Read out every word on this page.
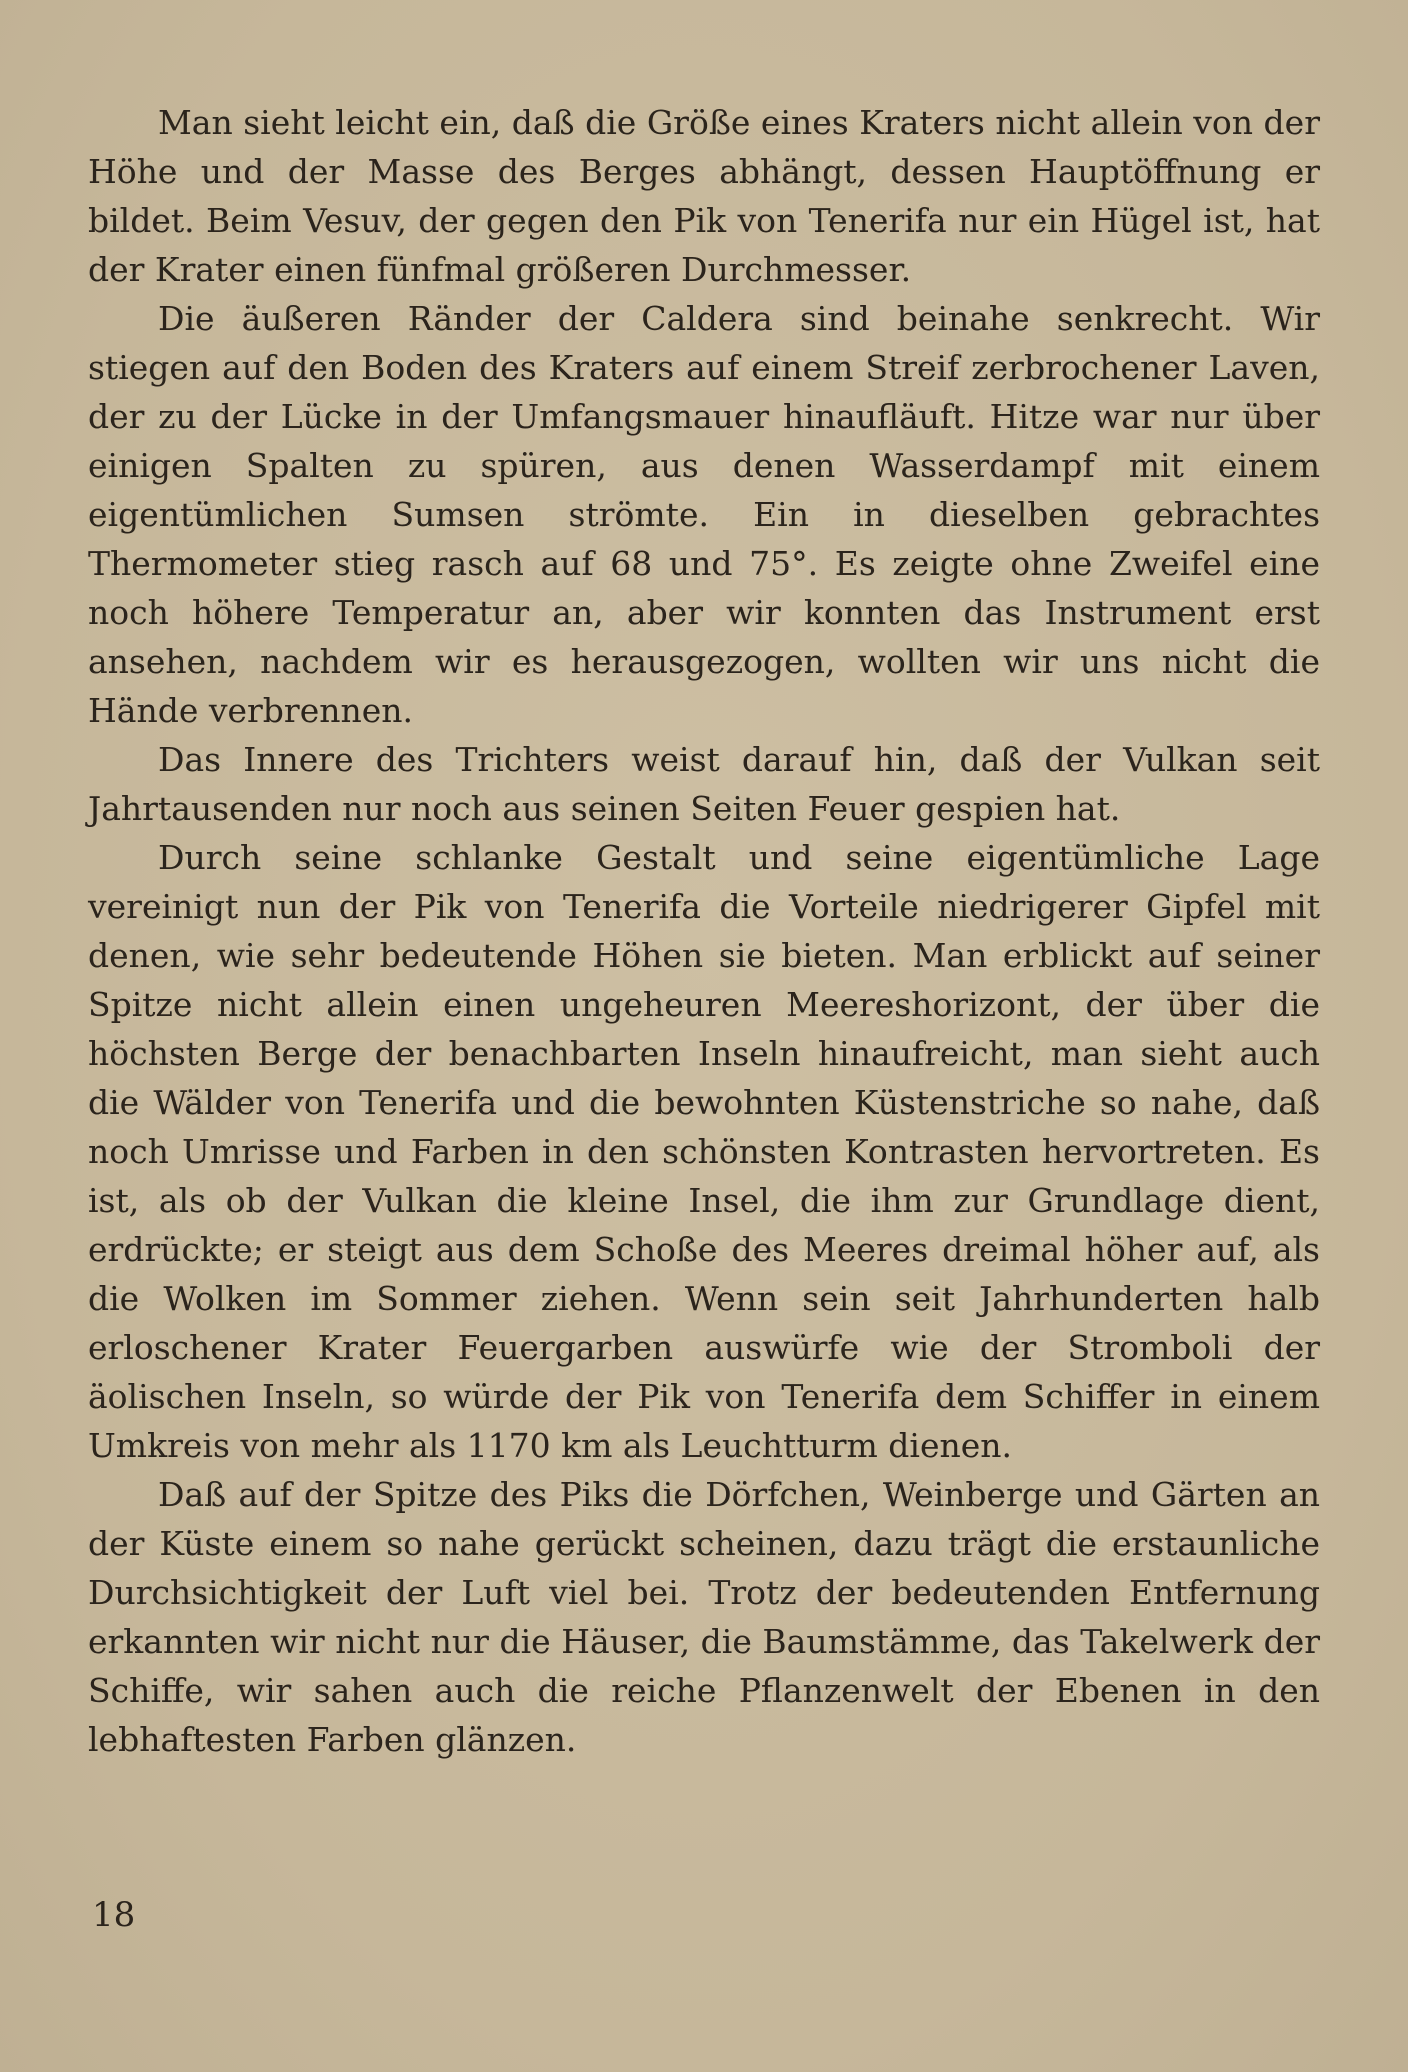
Man sieht leicht ein, daß die Größe eines Kraters nicht allein von der Höhe und der Masse des Berges abhängt, dessen Hauptöffnung er bildet. Beim Vesuv, der gegen den Pik von Tenerifa nur ein Hügel ist, hat der Krater einen fünfmal größeren Durchmesser.

Die äußeren Ränder der Caldera sind beinahe senkrecht. Wir stiegen auf den Boden des Kraters auf einem Streif zerbrochener Laven, der zu der Lücke in der Umfangsmauer hinaufläuft. Hitze war nur über einigen Spalten zu spüren, aus denen Wasserdampf mit einem eigentümlichen Sumsen strömte. Ein in dieselben gebrachtes Thermometer stieg rasch auf 68 und 75°. Es zeigte ohne Zweifel eine noch höhere Temperatur an, aber wir konnten das Instrument erst ansehen, nachdem wir es herausgezogen, wollten wir uns nicht die Hände verbrennen.

Das Innere des Trichters weist darauf hin, daß der Vulkan seit Jahrtausenden nur noch aus seinen Seiten Feuer gespien hat.

Durch seine schlanke Gestalt und seine eigentümliche Lage vereinigt nun der Pik von Tenerifa die Vorteile niedrigerer Gipfel mit denen, wie sehr bedeutende Höhen sie bieten. Man erblickt auf seiner Spitze nicht allein einen ungeheuren Meereshorizont, der über die höchsten Berge der benachbarten Inseln hinaufreicht, man sieht auch die Wälder von Tenerifa und die bewohnten Küstenstriche so nahe, daß noch Umrisse und Farben in den schönsten Kontrasten hervortreten. Es ist, als ob der Vulkan die kleine Insel, die ihm zur Grundlage dient, erdrückte; er steigt aus dem Schoße des Meeres dreimal höher auf, als die Wolken im Sommer ziehen. Wenn sein seit Jahrhunderten halb erloschener Krater Feuergarben auswürfe wie der Stromboli der äolischen Inseln, so würde der Pik von Tenerifa dem Schiffer in einem Umkreis von mehr als 1170 km als Leuchtturm dienen.

Daß auf der Spitze des Piks die Dörfchen, Weinberge und Gärten an der Küste einem so nahe gerückt scheinen, dazu trägt die erstaunliche Durchsichtigkeit der Luft viel bei. Trotz der bedeutenden Entfernung erkannten wir nicht nur die Häuser, die Baumstämme, das Takelwerk der Schiffe, wir sahen auch die reiche Pflanzenwelt der Ebenen in den lebhaftesten Farben glänzen.

18
